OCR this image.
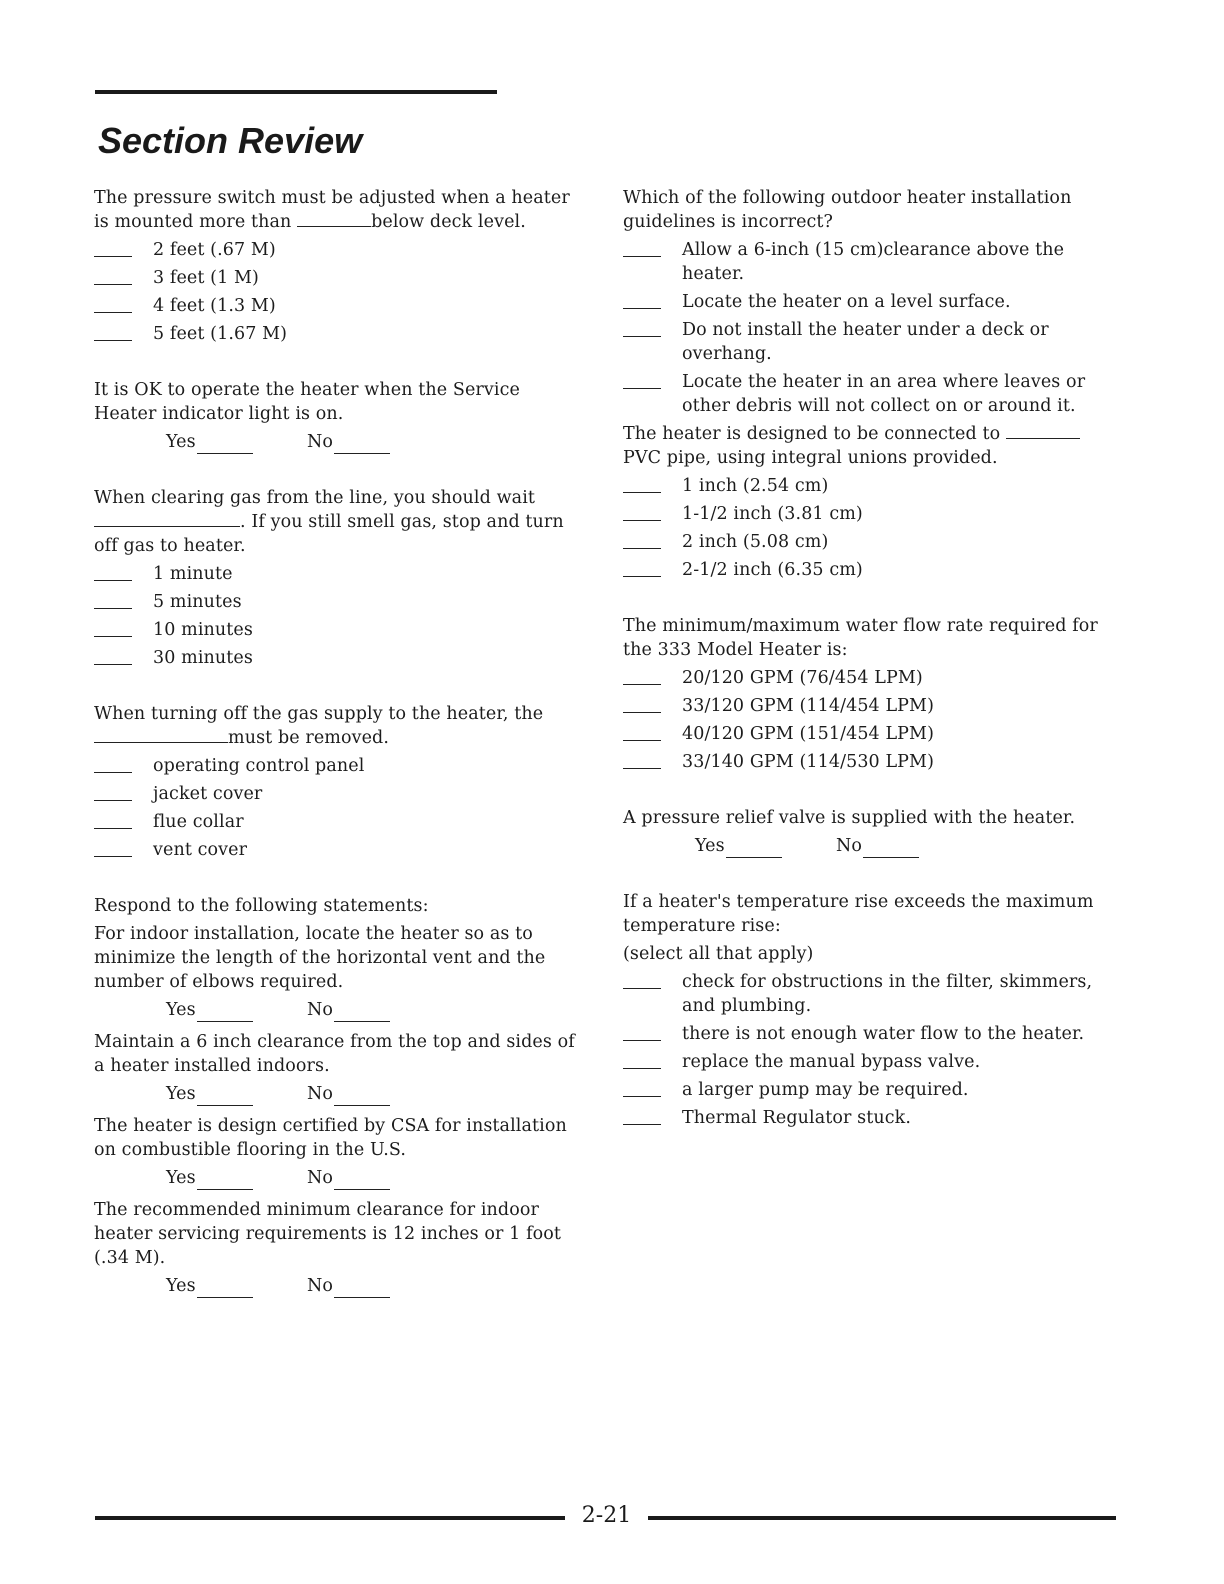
Section Review

The pressure switch must be adjusted when a heater is mounted more than	below deck level.

2 feet (.67 M)
3 feet (1 M)
4 feet (1.3 M)
5 feet (1.67 M)

It is OK to operate the heater when the Service Heater indicator light is on.

Yes	No

When clearing gas from the line, you should wait . If you still smell gas, stop and turn off gas to heater.

1 minute
5 minutes
10 minutes
30 minutes

When turning off the gas supply to the heater, the must be removed.

operating control panel
jacket cover
flue collar
vent cover

Respond to the following statements:

For indoor installation, locate the heater so as to minimize the length of the horizontal vent and the number of elbows required.

Yes	No

Maintain a 6 inch clearance from the top and sides of a heater installed indoors.

Yes	No

The heater is design certified by CSA for installation on combustible flooring in the U.S.

Yes	No

The recommended minimum clearance for indoor heater servicing requirements is 12 inches or 1 foot (.34 M).

Yes	No

Which of the following outdoor heater installation guidelines is incorrect?

Allow a 6-inch (15 cm)clearance above the heater.
Locate the heater on a level surface.
Do not install the heater under a deck or overhang.
Locate the heater in an area where leaves or other debris will not collect on or around it.

The heater is designed to be connected to  PVC pipe, using integral unions provided.

1 inch (2.54 cm)
1-1/2 inch (3.81 cm)
2 inch (5.08 cm)
2-1/2 inch (6.35 cm)

The minimum/maximum water flow rate required for the 333 Model Heater is:

20/120 GPM (76/454 LPM)
33/120 GPM (114/454 LPM)
40/120 GPM (151/454 LPM)
33/140 GPM (114/530 LPM)

A pressure relief valve is supplied with the heater.

Yes	No

If a heater's temperature rise exceeds the maximum temperature rise:

(select all that apply)

check for obstructions in the filter, skimmers, and plumbing.
there is not enough water flow to the heater.
replace the manual bypass valve.
a larger pump may be required.
Thermal Regulator stuck.
2-21
